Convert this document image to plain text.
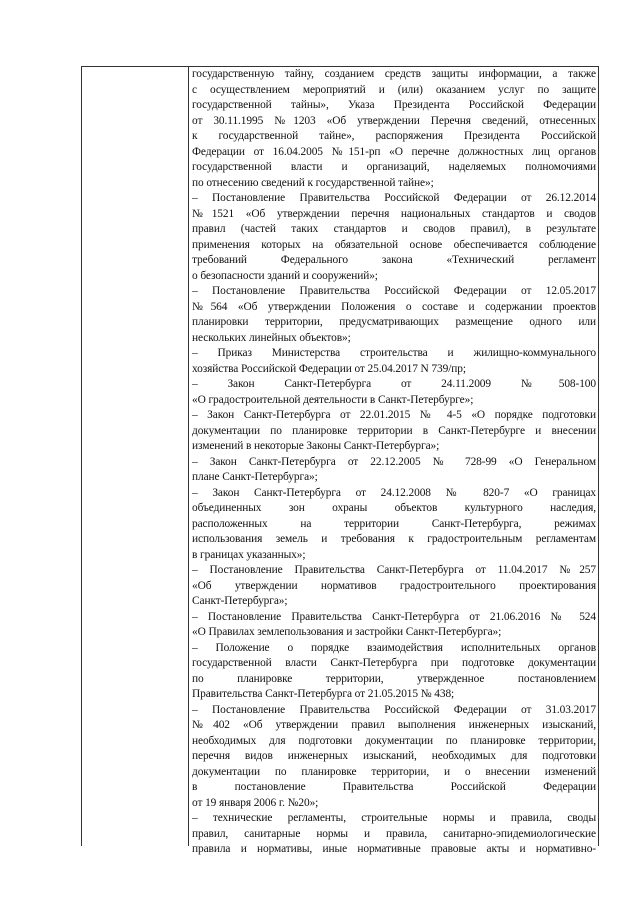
государственную тайну, созданием средств защиты информации, а также
с осуществлением мероприятий и (или) оказанием услуг по защите
государственной тайны», Указа Президента Российской Федерации
от 30.11.1995 №1203 «Об утверждении Перечня сведений, отнесенных
к государственной тайне», распоряжения Президента Российской
Федерации от 16.04.2005 №151-рп «О перечне должностных лиц органов
государственной власти и организаций, наделяемых полномочиями
по отнесению сведений к государственной тайне»;
– Постановление Правительства Российской Федерации от 26.12.2014
№1521 «Об утверждении перечня национальных стандартов и сводов
правил (частей таких стандартов и сводов правил), в результате
применения которых на обязательной основе обеспечивается соблюдение
требований Федерального закона «Технический регламент
о безопасности зданий и сооружений»;
– Постановление Правительства Российской Федерации от 12.05.2017
№564 «Об утверждении Положения о составе и содержании проектов
планировки территории, предусматривающих размещение одного или
нескольких линейных объектов»;
– Приказ Министерства строительства и жилищно-коммунального
хозяйства Российской Федерации от 25.04.2017 N 739/пр;
– Закон Санкт-Петербурга от 24.11.2009 №508-100
«О градостроительной деятельности в Санкт-Петербурге»;
– Закон Санкт-Петербурга от 22.01.2015 № 4-5 «О порядке подготовки
документации по планировке территории в Санкт-Петербурге и внесении
изменений в некоторые Законы Санкт-Петербурга»;
– Закон Санкт-Петербурга от 22.12.2005 № 728-99 «О Генеральном
плане Санкт-Петербурга»;
– Закон Санкт-Петербурга от 24.12.2008 № 820-7 «О границах
объединенных зон охраны объектов культурного наследия,
расположенных на территории Санкт-Петербурга, режимах
использования земель и требования к градостроительным регламентам
в границах указанных»;
– Постановление Правительства Санкт-Петербурга от 11.04.2017 №257
«Об утверждении нормативов градостроительного проектирования
Санкт-Петербурга»;
– Постановление Правительства Санкт-Петербурга от 21.06.2016 № 524
«О Правилах землепользования и застройки Санкт-Петербурга»;
– Положение о порядке взаимодействия исполнительных органов
государственной власти Санкт-Петербурга при подготовке документации
по планировке территории, утвержденное постановлением
Правительства Санкт-Петербурга от 21.05.2015 № 438;
– Постановление Правительства Российской Федерации от 31.03.2017
№402 «Об утверждении правил выполнения инженерных изысканий,
необходимых для подготовки документации по планировке территории,
перечня видов инженерных изысканий, необходимых для подготовки
документации по планировке территории, и о внесении изменений
в постановление Правительства Российской Федерации
от 19 января 2006 г. №20»;
– технические регламенты, строительные нормы и правила, своды
правил, санитарные нормы и правила, санитарно-эпидемиологические
правила и нормативы, иные нормативные правовые акты и нормативно-
